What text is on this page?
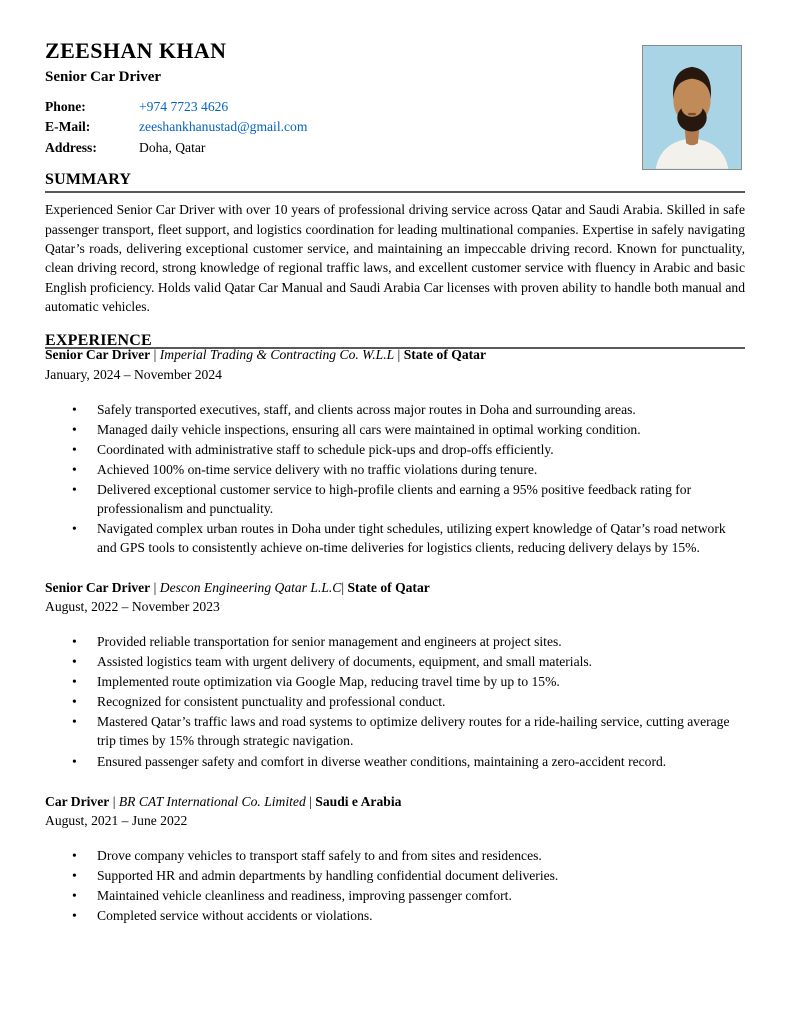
ZEESHAN KHAN
Senior Car Driver
Phone:	+974 7723 4626
E-Mail:	zeeshankhanustad@gmail.com
Address:	Doha, Qatar
SUMMARY

Experienced Senior Car Driver with over 10 years of professional driving service across Qatar and Saudi Arabia. Skilled in safe passenger transport, fleet support, and logistics coordination for leading multinational companies. Expertise in safely navigating Qatar’s roads, delivering exceptional customer service, and maintaining an impeccable driving record. Known for punctuality, clean driving record, strong knowledge of regional traffic laws, and excellent customer service with fluency in Arabic and basic English proficiency. Holds valid Qatar Car Manual and Saudi Arabia Car licenses with proven ability to handle both manual and automatic vehicles.

EXPERIENCE
Senior Car Driver | Imperial Trading & Contracting Co. W.L.L | State of Qatar
January, 2024 – November 2024
• Safely transported executives, staff, and clients across major routes in Doha and surrounding areas.
• Managed daily vehicle inspections, ensuring all cars were maintained in optimal working condition.
• Coordinated with administrative staff to schedule pick-ups and drop-offs efficiently.
• Achieved 100% on-time service delivery with no traffic violations during tenure.
• Delivered exceptional customer service to high-profile clients and earning a 95% positive feedback rating for professionalism and punctuality.
• Navigated complex urban routes in Doha under tight schedules, utilizing expert knowledge of Qatar’s road network and GPS tools to consistently achieve on-time deliveries for logistics clients, reducing delivery delays by 15%.
Senior Car Driver | Descon Engineering Qatar L.L.C| State of Qatar
August, 2022 – November 2023
• Provided reliable transportation for senior management and engineers at project sites.
• Assisted logistics team with urgent delivery of documents, equipment, and small materials.
• Implemented route optimization via Google Map, reducing travel time by up to 15%.
• Recognized for consistent punctuality and professional conduct.
• Mastered Qatar’s traffic laws and road systems to optimize delivery routes for a ride-hailing service, cutting average trip times by 15% through strategic navigation.
• Ensured passenger safety and comfort in diverse weather conditions, maintaining a zero-accident record.
Car Driver | BR CAT International Co. Limited | Saudi e Arabia
August, 2021 – June 2022
• Drove company vehicles to transport staff safely to and from sites and residences.
• Supported HR and admin departments by handling confidential document deliveries.
• Maintained vehicle cleanliness and readiness, improving passenger comfort.
• Completed service without accidents or violations.
